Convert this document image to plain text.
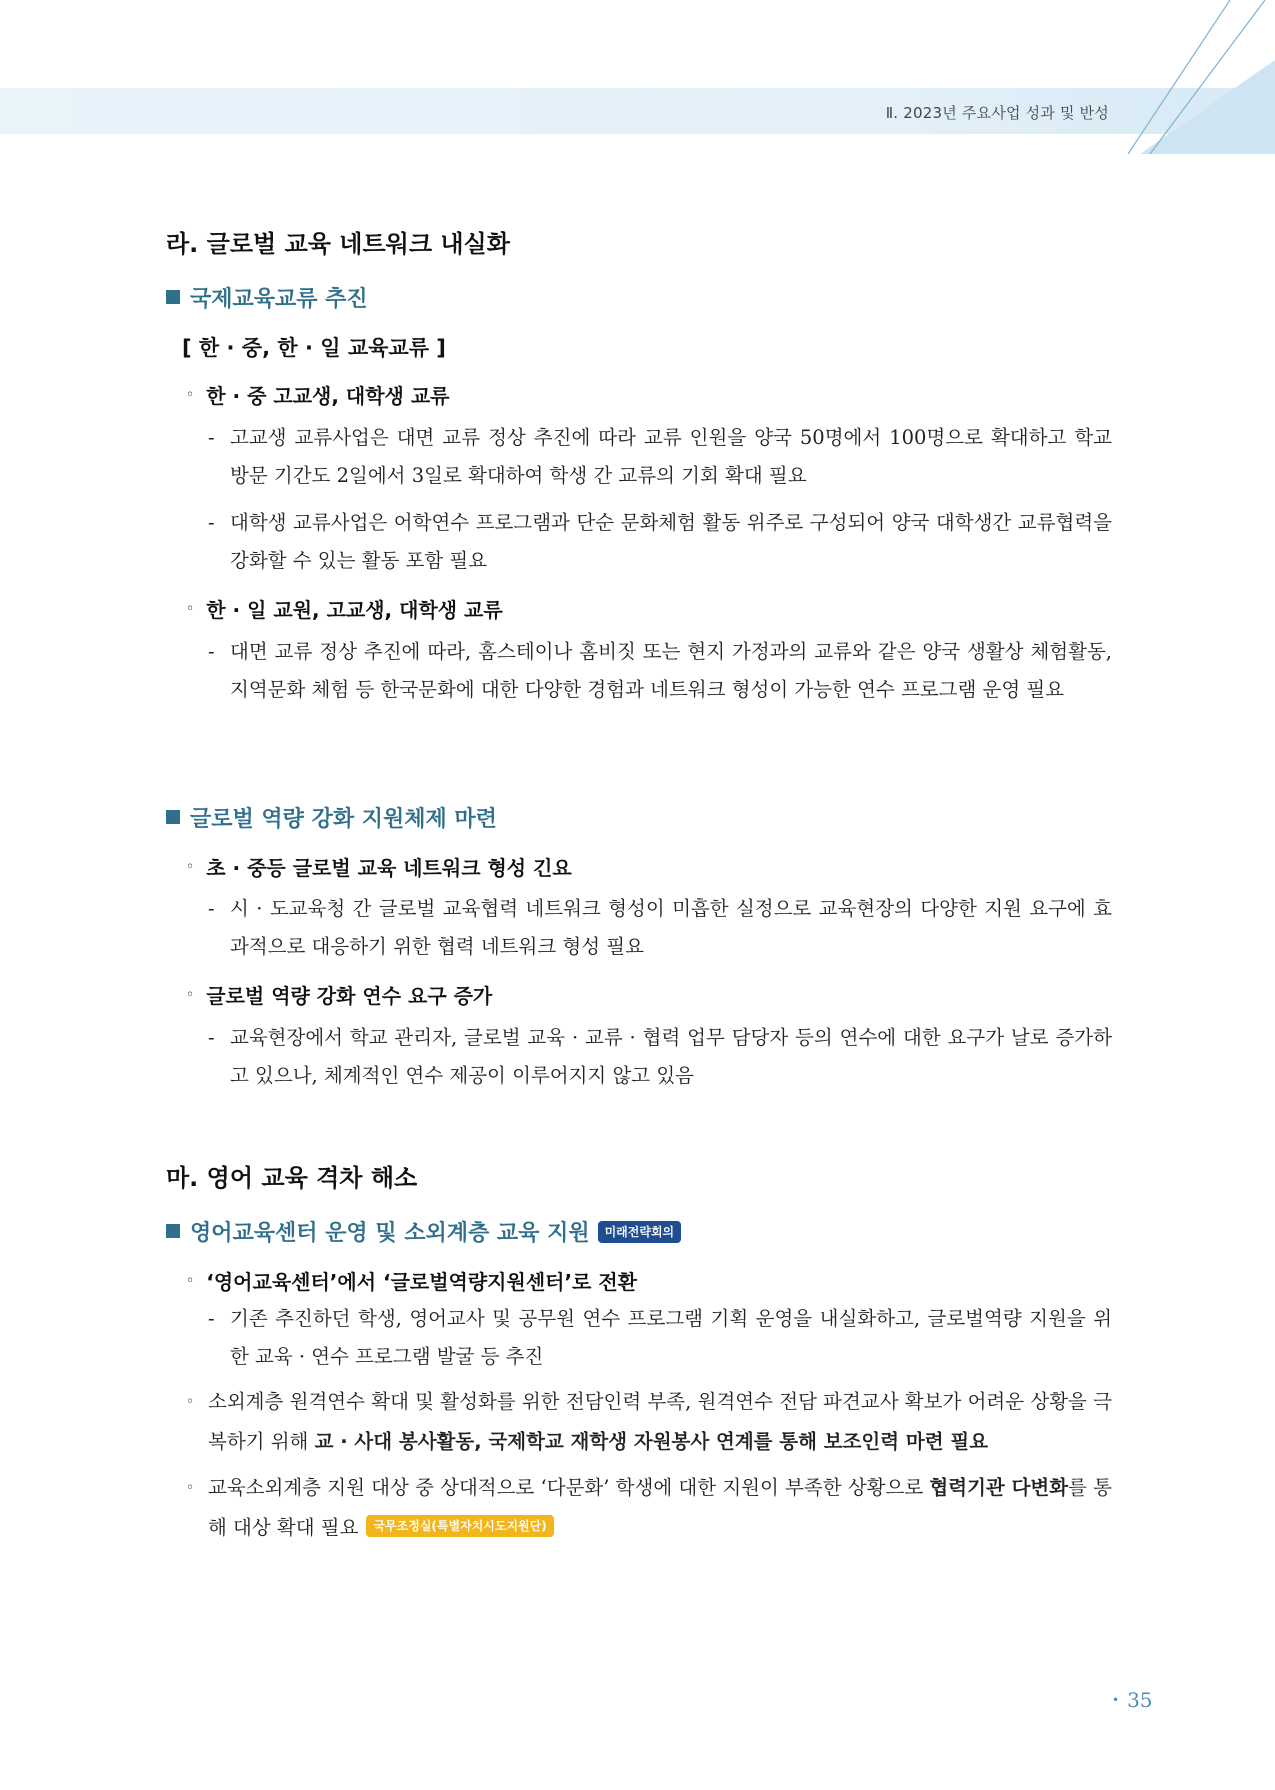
Ⅱ. 2023년 주요사업 성과 및 반성
라. 글로벌 교육 네트워크 내실화
국제교육교류 추진
[ 한 · 중, 한 · 일 교육교류 ]
◦ 한 · 중 고교생, 대학생 교류
- 고교생 교류사업은 대면 교류 정상 추진에 따라 교류 인원을 양국 50명에서 100명으로 확대하고 학교 방문 기간도 2일에서 3일로 확대하여 학생 간 교류의 기회 확대 필요
- 대학생 교류사업은 어학연수 프로그램과 단순 문화체험 활동 위주로 구성되어 양국 대학생간 교류협력을 강화할 수 있는 활동 포함 필요
◦ 한 · 일 교원, 고교생, 대학생 교류
- 대면 교류 정상 추진에 따라, 홈스테이나 홈비짓 또는 현지 가정과의 교류와 같은 양국 생활상 체험활동, 지역문화 체험 등 한국문화에 대한 다양한 경험과 네트워크 형성이 가능한 연수 프로그램 운영 필요
글로벌 역량 강화 지원체제 마련
◦ 초 · 중등 글로벌 교육 네트워크 형성 긴요
- 시 · 도교육청 간 글로벌 교육협력 네트워크 형성이 미흡한 실정으로 교육현장의 다양한 지원 요구에 효과적으로 대응하기 위한 협력 네트워크 형성 필요
◦ 글로벌 역량 강화 연수 요구 증가
- 교육현장에서 학교 관리자, 글로벌 교육 · 교류 · 협력 업무 담당자 등의 연수에 대한 요구가 날로 증가하고 있으나, 체계적인 연수 제공이 이루어지지 않고 있음
마. 영어 교육 격차 해소
영어교육센터 운영 및 소외계층 교육 지원 미래전략회의
◦ ‘영어교육센터’에서 ‘글로벌역량지원센터’로 전환
- 기존 추진하던 학생, 영어교사 및 공무원 연수 프로그램 기획 운영을 내실화하고, 글로벌역량 지원을 위한 교육 · 연수 프로그램 발굴 등 추진
◦ 소외계층 원격연수 확대 및 활성화를 위한 전담인력 부족, 원격연수 전담 파견교사 확보가 어려운 상황을 극복하기 위해 교 · 사대 봉사활동, 국제학교 재학생 자원봉사 연계를 통해 보조인력 마련 필요
◦ 교육소외계층 지원 대상 중 상대적으로 ‘다문화’ 학생에 대한 지원이 부족한 상황으로 협력기관 다변화를 통해 대상 확대 필요 국무조정실(특별자치시도지원단)
• 35
